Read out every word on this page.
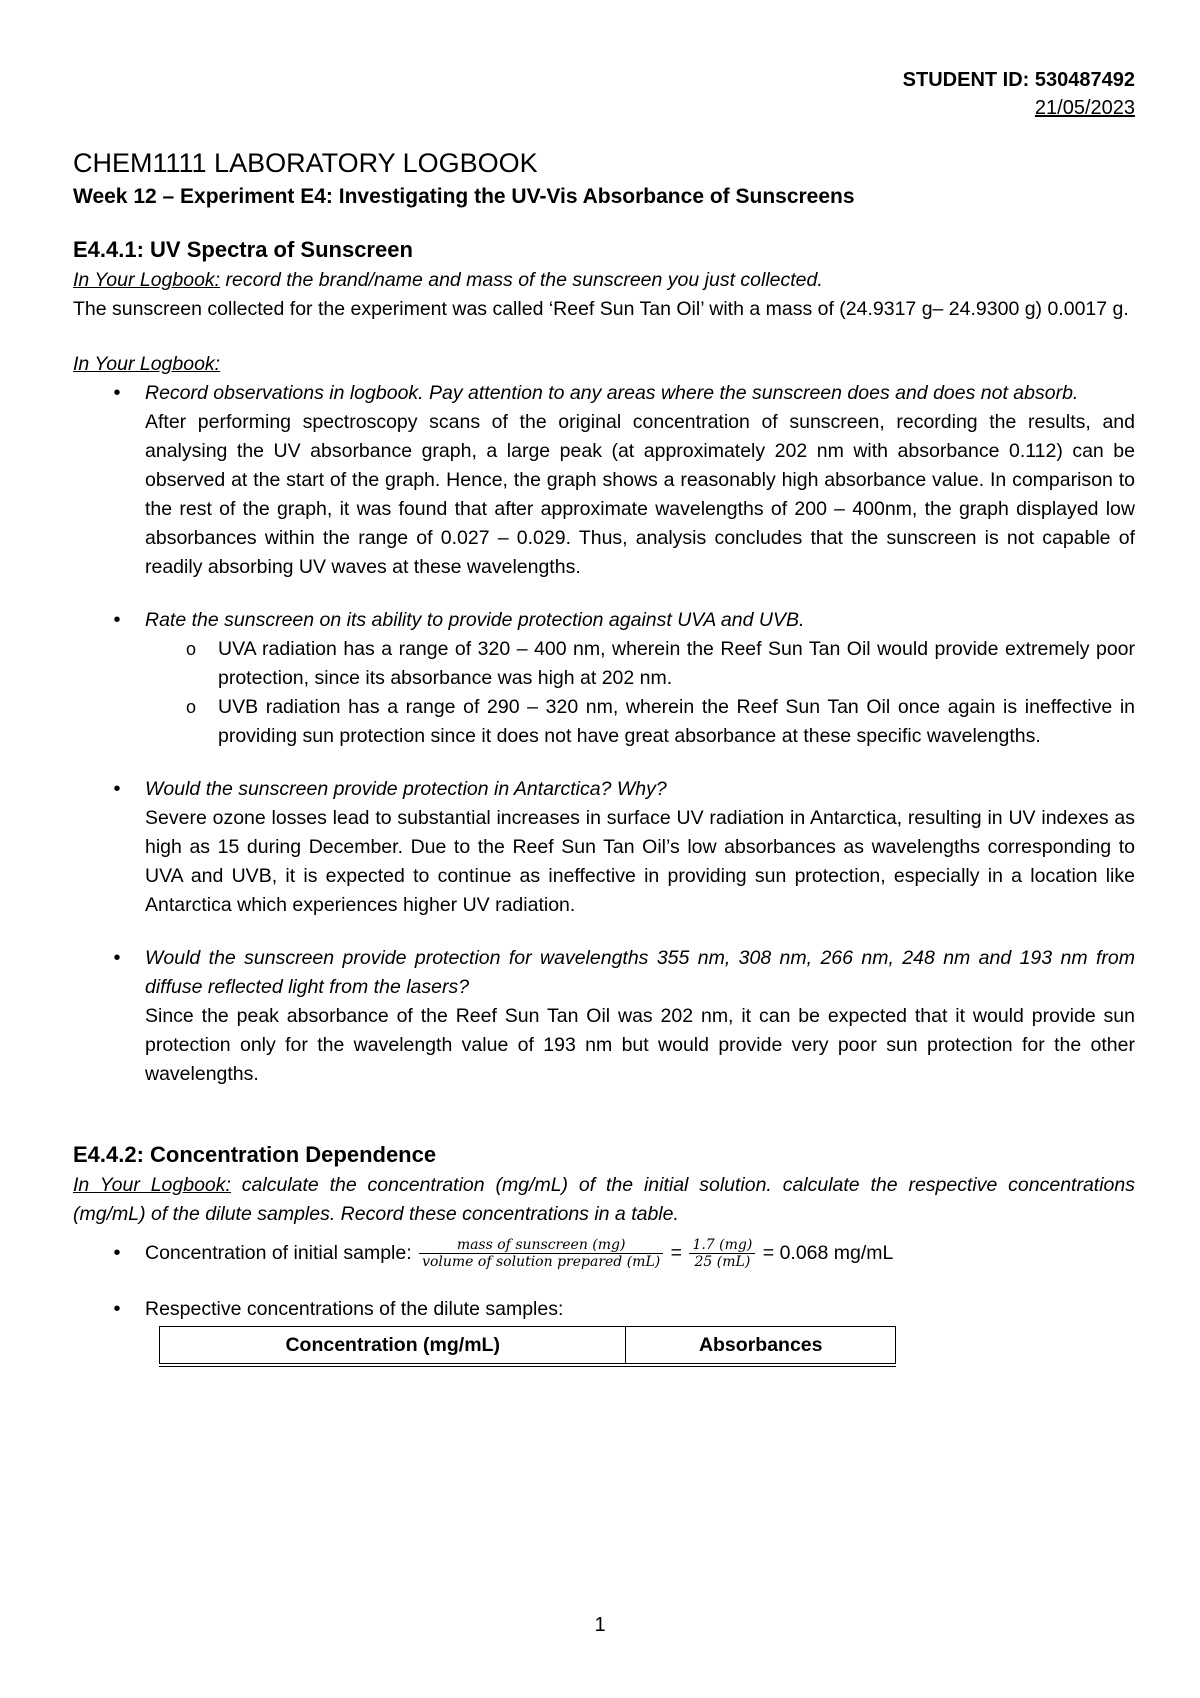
STUDENT ID: 530487492
21/05/2023
CHEM1111 LABORATORY LOGBOOK
Week 12 – Experiment E4: Investigating the UV-Vis Absorbance of Sunscreens
E4.4.1: UV Spectra of Sunscreen

In Your Logbook: record the brand/name and mass of the sunscreen you just collected.

The sunscreen collected for the experiment was called ‘Reef Sun Tan Oil’ with a mass of (24.9317 g– 24.9300 g) 0.0017 g.

In Your Logbook:

•	Record observations in logbook. Pay attention to any areas where the sunscreen does and does not absorb.

After performing spectroscopy scans of the original concentration of sunscreen, recording the results, and analysing the UV absorbance graph, a large peak (at approximately 202 nm with absorbance 0.112) can be observed at the start of the graph. Hence, the graph shows a reasonably high absorbance value. In comparison to the rest of the graph, it was found that after approximate wavelengths of 200 – 400nm, the graph displayed low absorbances within the range of 0.027 – 0.029. Thus, analysis concludes that the sunscreen is not capable of readily absorbing UV waves at these wavelengths.

•	Rate the sunscreen on its ability to provide protection against UVA and UVB.

o UVA radiation has a range of 320 – 400 nm, wherein the Reef Sun Tan Oil would provide extremely poor protection, since its absorbance was high at 202 nm.

o UVB radiation has a range of 290 – 320 nm, wherein the Reef Sun Tan Oil once again is ineffective in providing sun protection since it does not have great absorbance at these specific wavelengths.

•	Would the sunscreen provide protection in Antarctica? Why?

Severe ozone losses lead to substantial increases in surface UV radiation in Antarctica, resulting in UV indexes as high as 15 during December. Due to the Reef Sun Tan Oil’s low absorbances as wavelengths corresponding to UVA and UVB, it is expected to continue as ineffective in providing sun protection, especially in a location like Antarctica which experiences higher UV radiation.

•	Would the sunscreen provide protection for wavelengths 355 nm, 308 nm, 266 nm, 248 nm and 193 nm from diffuse reflected light from the lasers?

Since the peak absorbance of the Reef Sun Tan Oil was 202 nm, it can be expected that it would provide sun protection only for the wavelength value of 193 nm but would provide very poor sun protection for the other wavelengths.

E4.4.2: Concentration Dependence

In Your Logbook: calculate the concentration (mg/mL) of the initial solution. calculate the respective concentrations (mg/mL) of the dilute samples. Record these concentrations in a table.

•	Concentration of initial sample: $\frac{\text{mass of sunscreen (mg)}}{\text{volume of solution prepared (mL)}} = \frac{1.7 (mg)}{25 (mL)} = 0.068$ mg/mL

•	Respective concentrations of the dilute samples:

Concentration (mg/mL)	Absorbances
1
